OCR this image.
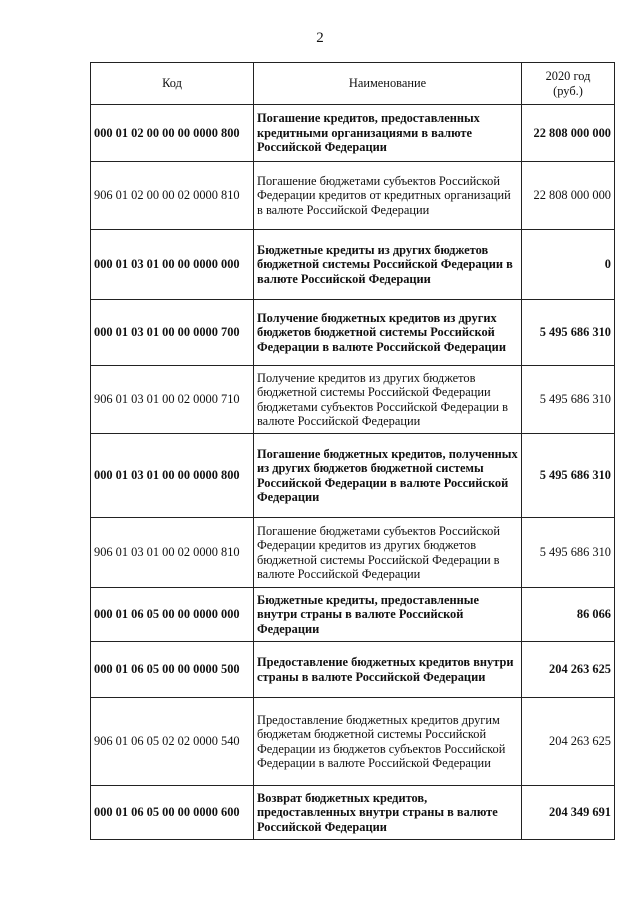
2
Код	Наименование	2020 год
(руб.)
000 01 02 00 00 00 0000 800	Погашение кредитов, предоставленных кредитными организациями в валюте Российской Федерации	22 808 000 000
906 01 02 00 00 02 0000 810	Погашение бюджетами субъектов Российской Федерации кредитов от кредитных организаций в валюте Российской Федерации	22 808 000 000
000 01 03 01 00 00 0000 000	Бюджетные кредиты из других бюджетов бюджетной системы Российской Федерации в валюте Российской Федерации	0
000 01 03 01 00 00 0000 700	Получение бюджетных кредитов из других бюджетов бюджетной системы Российской Федерации в валюте Российской Федерации	5 495 686 310
906 01 03 01 00 02 0000 710	Получение кредитов из других бюджетов бюджетной системы Российской Федерации бюджетами субъектов Российской Федерации в валюте Российской Федерации	5 495 686 310
000 01 03 01 00 00 0000 800	Погашение бюджетных кредитов, полученных из других бюджетов бюджетной системы Российской Федерации в валюте Российской Федерации	5 495 686 310
906 01 03 01 00 02 0000 810	Погашение бюджетами субъектов Российской Федерации кредитов из других бюджетов бюджетной системы Российской Федерации в валюте Российской Федерации	5 495 686 310
000 01 06 05 00 00 0000 000	Бюджетные кредиты, предоставленные внутри страны в валюте Российской Федерации	86 066
000 01 06 05 00 00 0000 500	Предоставление бюджетных кредитов внутри страны в валюте Российской Федерации	204 263 625
906 01 06 05 02 02 0000 540	Предоставление бюджетных кредитов другим бюджетам бюджетной системы Российской Федерации из бюджетов субъектов Российской Федерации в валюте Российской Федерации	204 263 625
000 01 06 05 00 00 0000 600	Возврат бюджетных кредитов, предоставленных внутри страны в валюте Российской Федерации	204 349 691
